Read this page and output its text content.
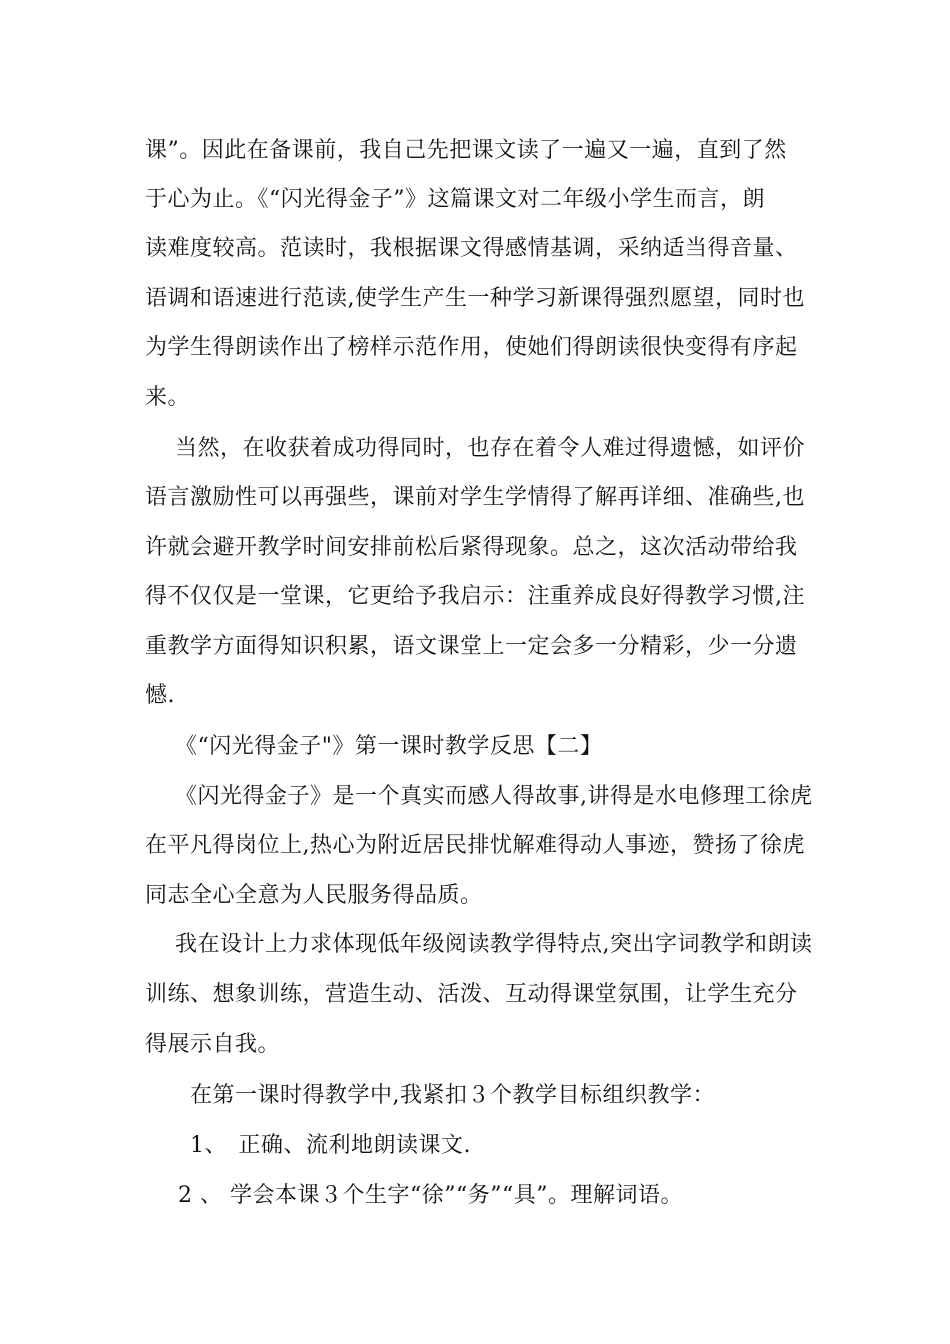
课”。因此在备课前，我自己先把课文读了一遍又一遍，直到了然
于心为止。《“闪光得金子”》这篇课文对二年级小学生而言，朗
读难度较高。范读时，我根据课文得感情基调，采纳适当得音量、
语调和语速进行范读,使学生产生一种学习新课得强烈愿望，同时也
为学生得朗读作出了榜样示范作用，使她们得朗读很快变得有序起
来。
当然，在收获着成功得同时，也存在着令人难过得遗憾，如评价
语言激励性可以再强些，课前对学生学情得了解再详细、准确些,也
许就会避开教学时间安排前松后紧得现象。总之，这次活动带给我
得不仅仅是一堂课，它更给予我启示：注重养成良好得教学习惯,注
重教学方面得知识积累，语文课堂上一定会多一分精彩，少一分遗
憾.
《“闪光得金子"》第一课时教学反思【二】
《闪光得金子》是一个真实而感人得故事,讲得是水电修理工徐虎
在平凡得岗位上,热心为附近居民排忧解难得动人事迹，赞扬了徐虎
同志全心全意为人民服务得品质。
我在设计上力求体现低年级阅读教学得特点,突出字词教学和朗读
训练、想象训练，营造生动、活泼、互动得课堂氛围，让学生充分
得展示自我。
在第一课时得教学中,我紧扣３个教学目标组织教学：
1、　正确、流利地朗读课文.
2 、 学会本课３个生字“徐”“务”“具”。理解词语。
